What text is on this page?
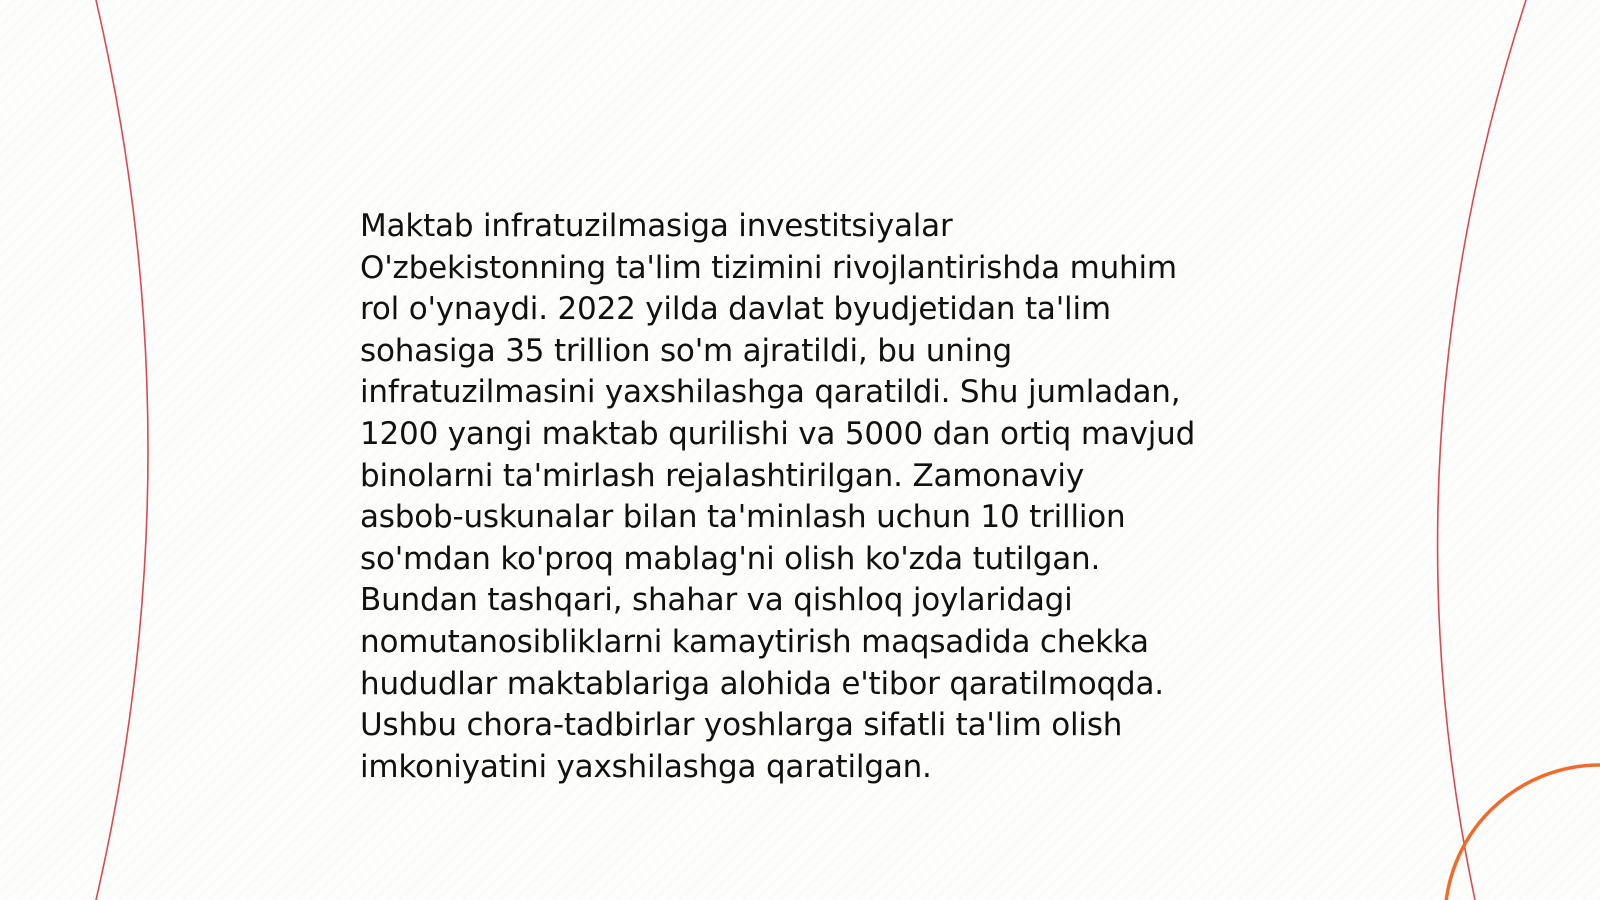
Maktab infratuzilmasiga investitsiyalar
O'zbekistonning ta'lim tizimini rivojlantirishda muhim
rol o'ynaydi. 2022 yilda davlat byudjetidan ta'lim
sohasiga 35 trillion so'm ajratildi, bu uning
infratuzilmasini yaxshilashga qaratildi. Shu jumladan,
1200 yangi maktab qurilishi va 5000 dan ortiq mavjud
binolarni ta'mirlash rejalashtirilgan. Zamonaviy
asbob-uskunalar bilan ta'minlash uchun 10 trillion
so'mdan ko'proq mablag'ni olish ko'zda tutilgan.
Bundan tashqari, shahar va qishloq joylaridagi
nomutanosibliklarni kamaytirish maqsadida chekka
hududlar maktablariga alohida e'tibor qaratilmoqda.
Ushbu chora-tadbirlar yoshlarga sifatli ta'lim olish
imkoniyatini yaxshilashga qaratilgan.
